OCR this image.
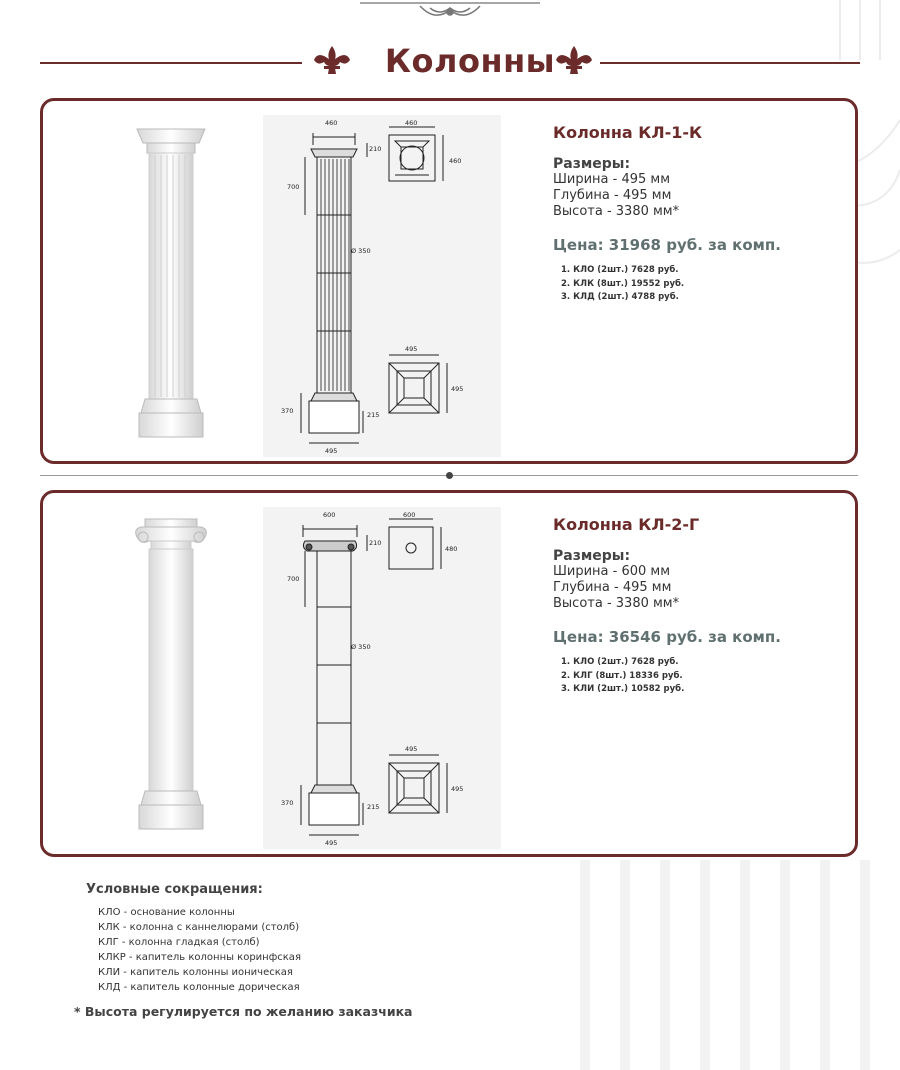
Колонны
460	460
460
210
700
Ø 350
370	215
495
495
495
Колонна КЛ-1-К
Размеры:
Ширина - 495 мм
Глубина - 495 мм
Высота - 3380 мм*
Цена: 31968 руб. за комп.
1. КЛО (2шт.) 7628 руб.
2. КЛК (8шт.) 19552 руб.
3. КЛД (2шт.) 4788 руб.
600	600
480
210
700
Ø 350
370	215
495
495
495
Колонна КЛ-2-Г
Размеры:
Ширина - 600 мм
Глубина - 495 мм
Высота - 3380 мм*
Цена: 36546 руб. за комп.
1. КЛО (2шт.) 7628 руб.
2. КЛГ (8шт.) 18336 руб.
3. КЛИ (2шт.) 10582 руб.
Условные сокращения:
КЛО - основание колонны
КЛК - колонна с каннелюрами (столб)
КЛГ - колонна гладкая (столб)
КЛКР - капитель колонны коринфская
КЛИ - капитель колонны ионическая
КЛД - капитель колонные дорическая
* Высота регулируется по желанию заказчика
